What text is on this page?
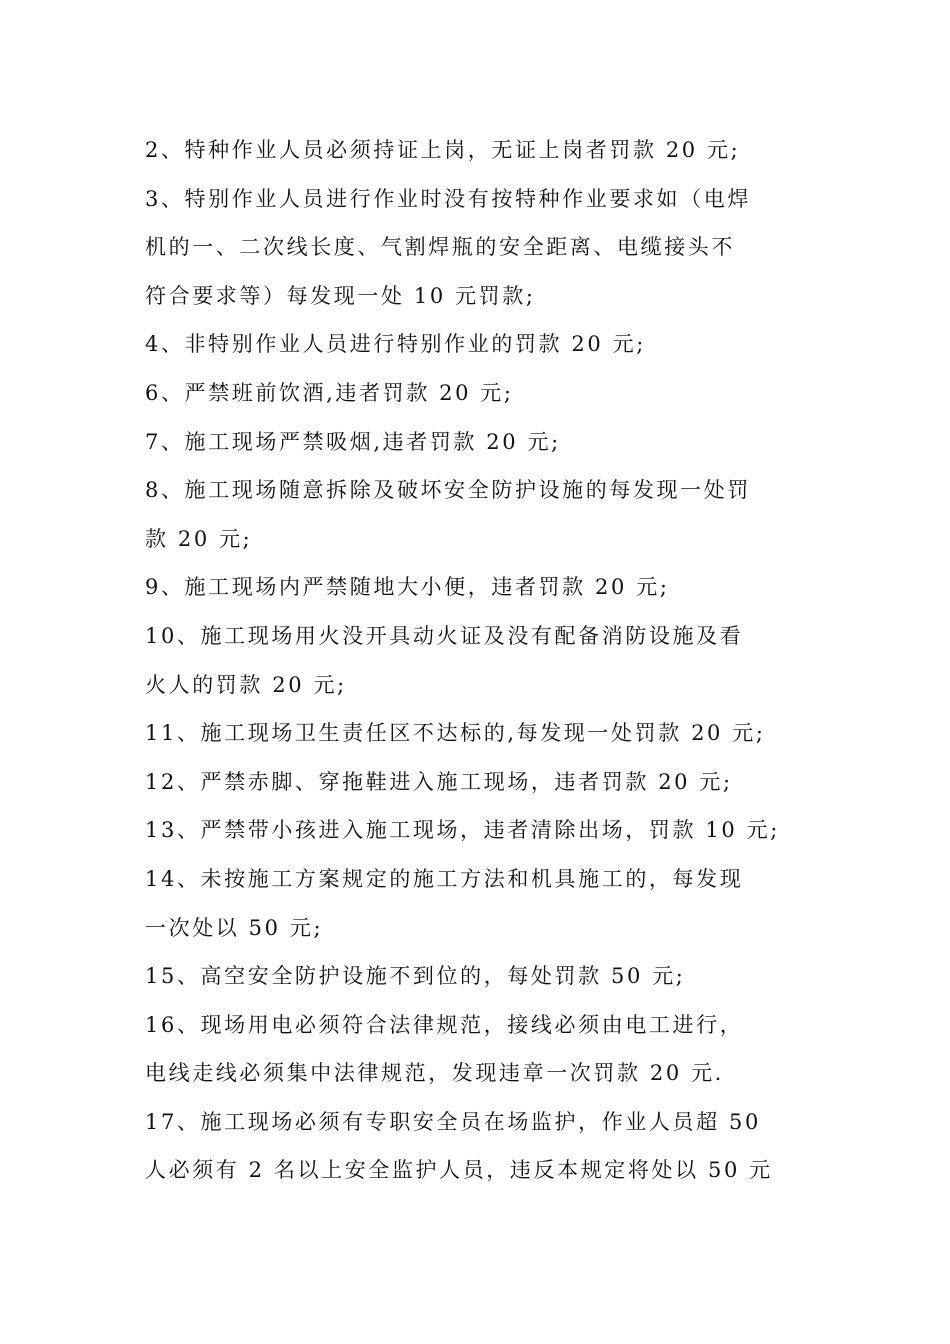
2、特种作业人员必须持证上岗，无证上岗者罚款 20 元;
3、特别作业人员进行作业时没有按特种作业要求如（电焊
机的一、二次线长度、气割焊瓶的安全距离、电缆接头不
符合要求等）每发现一处 10 元罚款;
4、非特别作业人员进行特别作业的罚款 20 元;
6、严禁班前饮酒,违者罚款 20 元;
7、施工现场严禁吸烟,违者罚款 20 元;
8、施工现场随意拆除及破坏安全防护设施的每发现一处罚
款 20 元;
9、施工现场内严禁随地大小便，违者罚款 20 元;
10、施工现场用火没开具动火证及没有配备消防设施及看
火人的罚款 20 元;
11、施工现场卫生责任区不达标的,每发现一处罚款 20 元;
12、严禁赤脚、穿拖鞋进入施工现场，违者罚款 20 元;
13、严禁带小孩进入施工现场，违者清除出场，罚款 10 元;
14、未按施工方案规定的施工方法和机具施工的，每发现
一次处以 50 元;
15、高空安全防护设施不到位的，每处罚款 50 元;
16、现场用电必须符合法律规范，接线必须由电工进行，
电线走线必须集中法律规范，发现违章一次罚款 20 元.
17、施工现场必须有专职安全员在场监护，作业人员超 50
人必须有 2 名以上安全监护人员，违反本规定将处以 50 元
